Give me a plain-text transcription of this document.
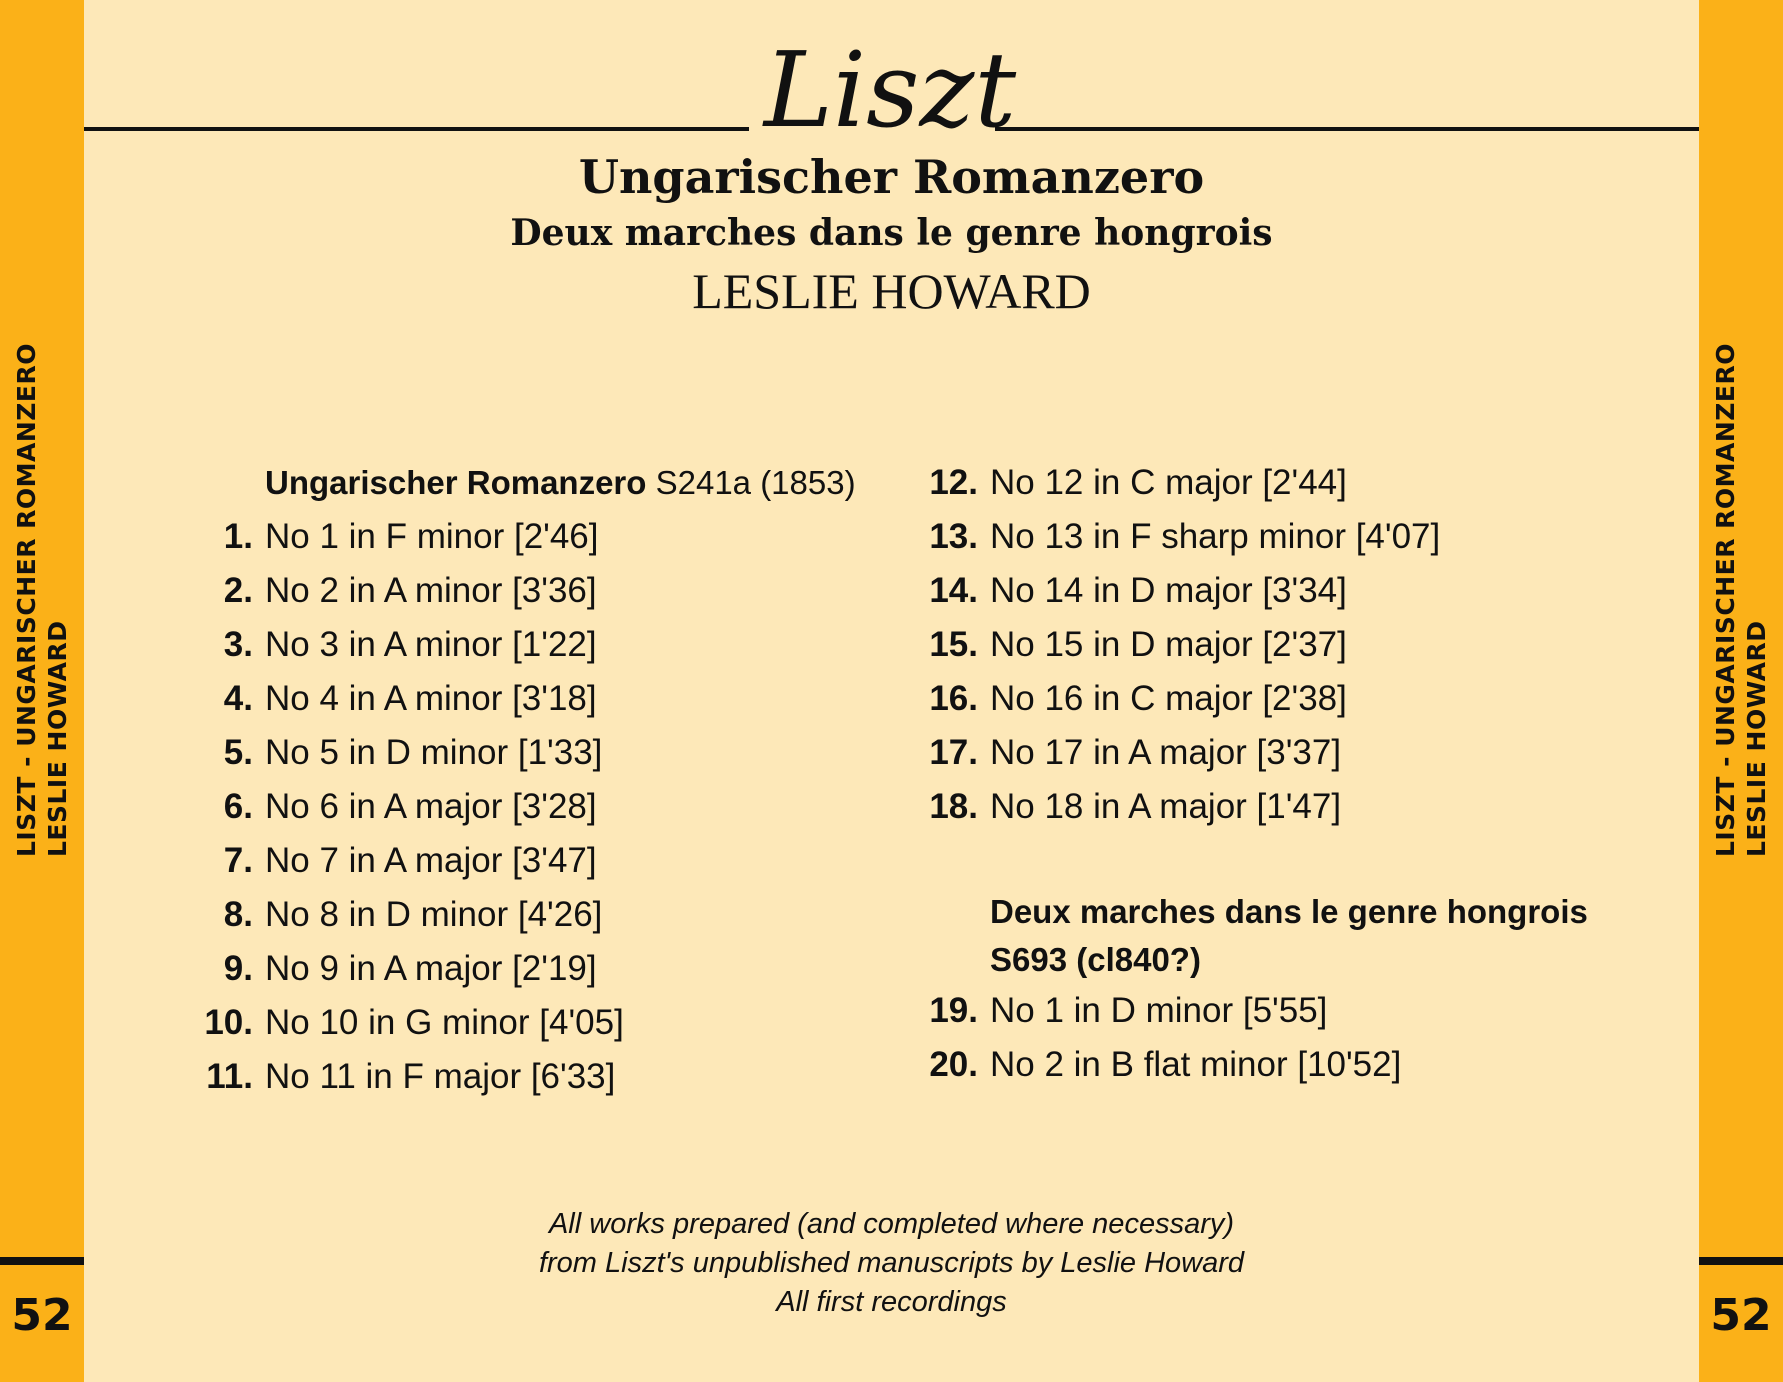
LISZT - UNGARISCHER ROMANZERO LESLIE HOWARD
52
LISZT - UNGARISCHER ROMANZERO LESLIE HOWARD
52
Liszt
Ungarischer Romanzero
Deux marches dans le genre hongrois
LESLIE HOWARD
Ungarischer Romanzero S241a (1853)
1. No 1 in F minor [2'46]
2. No 2 in A minor [3'36]
3. No 3 in A minor [1'22]
4. No 4 in A minor [3'18]
5. No 5 in D minor [1'33]
6. No 6 in A major [3'28]
7. No 7 in A major [3'47]
8. No 8 in D minor [4'26]
9. No 9 in A major [2'19]
10. No 10 in G minor [4'05]
11. No 11 in F major [6'33]
12. No 12 in C major [2'44]
13. No 13 in F sharp minor [4'07]
14. No 14 in D major [3'34]
15. No 15 in D major [2'37]
16. No 16 in C major [2'38]
17. No 17 in A major [3'37]
18. No 18 in A major [1'47]
Deux marches dans le genre hongrois
S693 (cl840?)
19. No 1 in D minor [5'55]
20. No 2 in B flat minor [10'52]
All works prepared (and completed where necessary)
from Liszt's unpublished manuscripts by Leslie Howard
All first recordings
